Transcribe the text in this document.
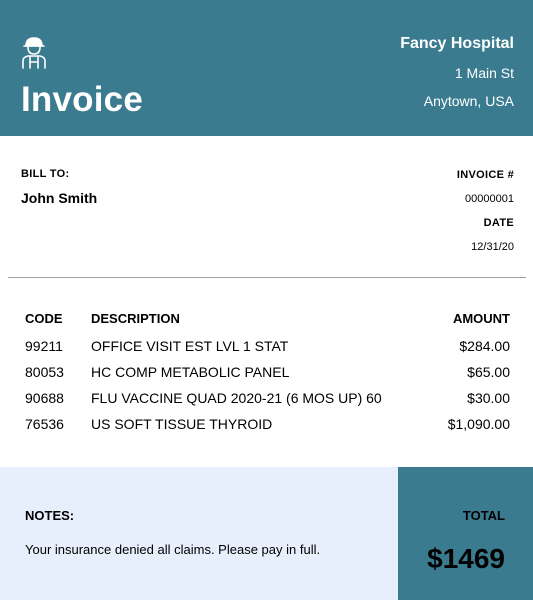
Invoice
Fancy Hospital
1 Main St
Anytown, USA
BILL TO:
John Smith
INVOICE #
00000001
DATE
12/31/20
CODE	DESCRIPTION	AMOUNT
99211	OFFICE VISIT EST LVL 1 STAT	$284.00
80053	HC COMP METABOLIC PANEL	$65.00
90688	FLU VACCINE QUAD 2020-21 (6 MOS UP) 60	$30.00
76536	US SOFT TISSUE THYROID	$1,090.00
NOTES:
Your insurance denied all claims. Please pay in full.
TOTAL
$1469
